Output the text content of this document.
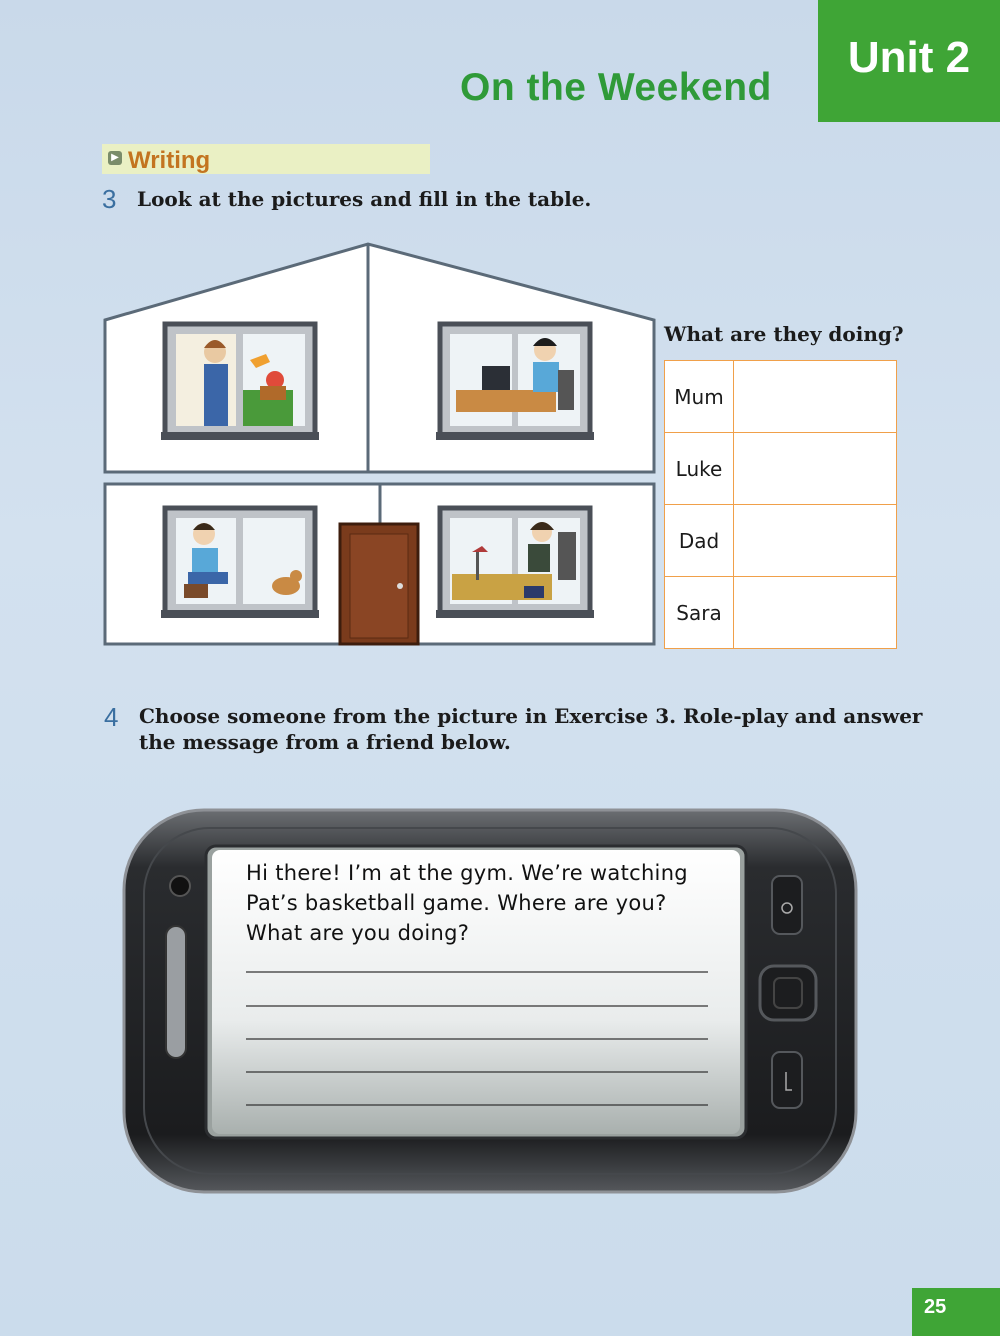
Unit 2
On the Weekend
▶ Writing
3 Look at the pictures and fill in the table.
What are they doing?
Mum	
Luke	
Dad	
Sara	
4 Choose someone from the picture in Exercise 3. Role-play and answer
the message from a friend below.
Hi there! I’m at the gym. We’re watching
Pat’s basketball game. Where are you?
What are you doing?
25
